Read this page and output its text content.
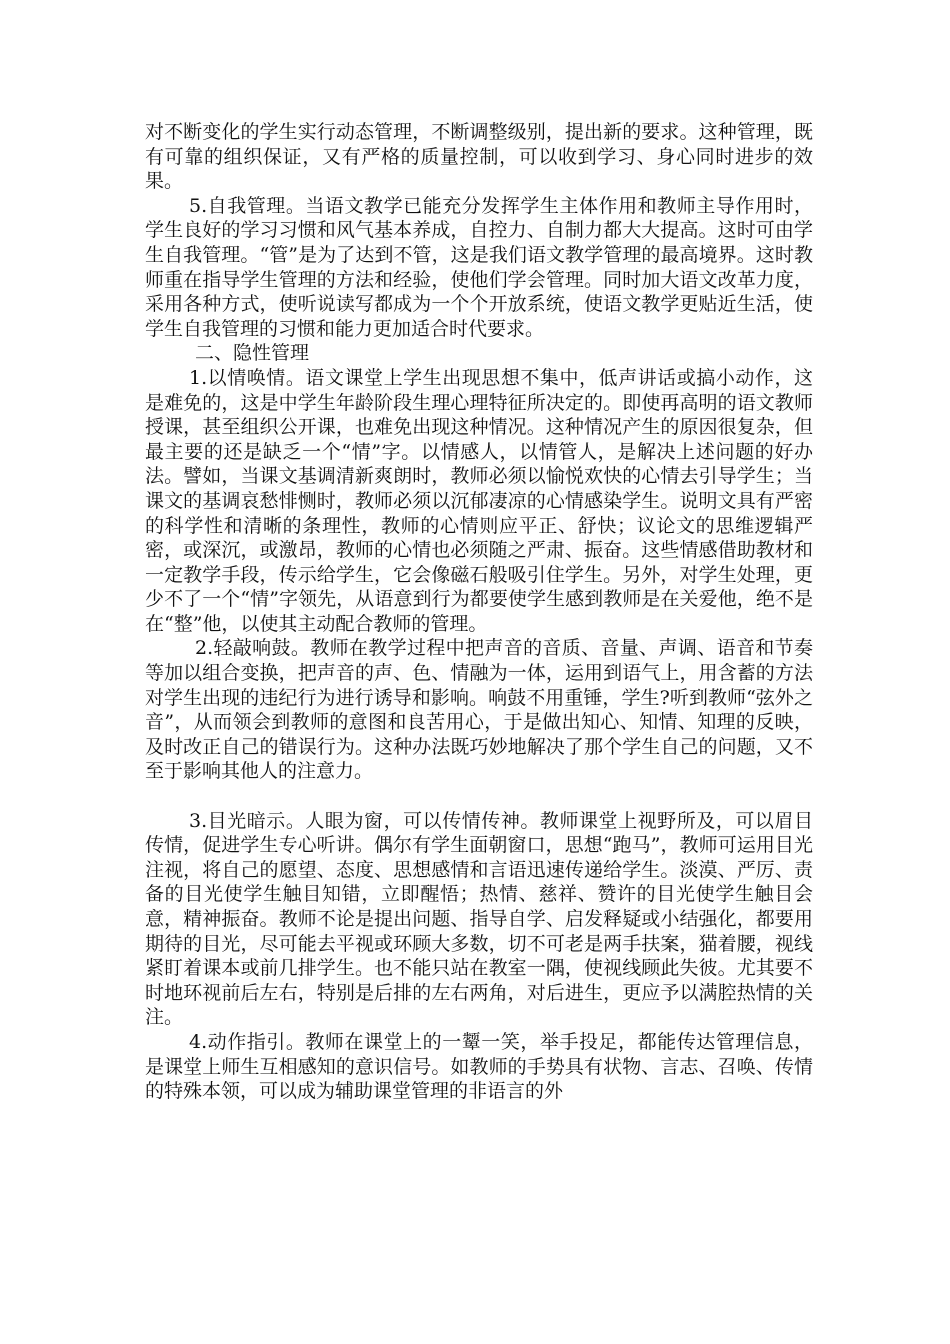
对不断变化的学生实行动态管理，不断调整级别，提出新的要求。这种管理，既有可靠的组织保证，又有严格的质量控制，可以收到学习、身心同时进步的效果。

5.自我管理。当语文教学已能充分发挥学生主体作用和教师主导作用时，学生良好的学习习惯和风气基本养成，自控力、自制力都大大提高。这时可由学生自我管理。“管”是为了达到不管，这是我们语文教学管理的最高境界。这时教师重在指导学生管理的方法和经验，使他们学会管理。同时加大语文改革力度，采用各种方式，使听说读写都成为一个个开放系统，使语文教学更贴近生活，使学生自我管理的习惯和能力更加适合时代要求。

二、隐性管理

1.以情唤情。语文课堂上学生出现思想不集中，低声讲话或搞小动作，这是难免的，这是中学生年龄阶段生理心理特征所决定的。即使再高明的语文教师授课，甚至组织公开课，也难免出现这种情况。这种情况产生的原因很复杂，但最主要的还是缺乏一个“情”字。以情感人，以情管人，是解决上述问题的好办法。譬如，当课文基调清新爽朗时，教师必须以愉悦欢快的心情去引导学生；当课文的基调哀愁悱恻时，教师必须以沉郁凄凉的心情感染学生。说明文具有严密的科学性和清晰的条理性，教师的心情则应平正、舒快；议论文的思维逻辑严密，或深沉，或激昂，教师的心情也必须随之严肃、振奋。这些情感借助教材和一定教学手段，传示给学生，它会像磁石般吸引住学生。另外，对学生处理，更少不了一个“情”字领先，从语意到行为都要使学生感到教师是在关爱他，绝不是在“整”他，以使其主动配合教师的管理。

2.轻敲响鼓。教师在教学过程中把声音的音质、音量、声调、语音和节奏等加以组合变换，把声音的声、色、情融为一体，运用到语气上，用含蓄的方法对学生出现的违纪行为进行诱导和影响。响鼓不用重锤，学生?听到教师“弦外之音”，从而领会到教师的意图和良苦用心，于是做出知心、知情、知理的反映，及时改正自己的错误行为。这种办法既巧妙地解决了那个学生自己的问题，又不至于影响其他人的注意力。

3.目光暗示。人眼为窗，可以传情传神。教师课堂上视野所及，可以眉目传情，促进学生专心听讲。偶尔有学生面朝窗口，思想“跑马”，教师可运用目光注视，将自己的愿望、态度、思想感情和言语迅速传递给学生。淡漠、严厉、责备的目光使学生触目知错，立即醒悟；热情、慈祥、赞许的目光使学生触目会意，精神振奋。教师不论是提出问题、指导自学、启发释疑或小结强化，都要用期待的目光，尽可能去平视或环顾大多数，切不可老是两手扶案，猫着腰，视线紧盯着课本或前几排学生。也不能只站在教室一隅，使视线顾此失彼。尤其要不时地环视前后左右，特别是后排的左右两角，对后进生，更应予以满腔热情的关注。

4.动作指引。教师在课堂上的一颦一笑，举手投足，都能传达管理信息，是课堂上师生互相感知的意识信号。如教师的手势具有状物、言志、召唤、传情的特殊本领，可以成为辅助课堂管理的非语言的外
